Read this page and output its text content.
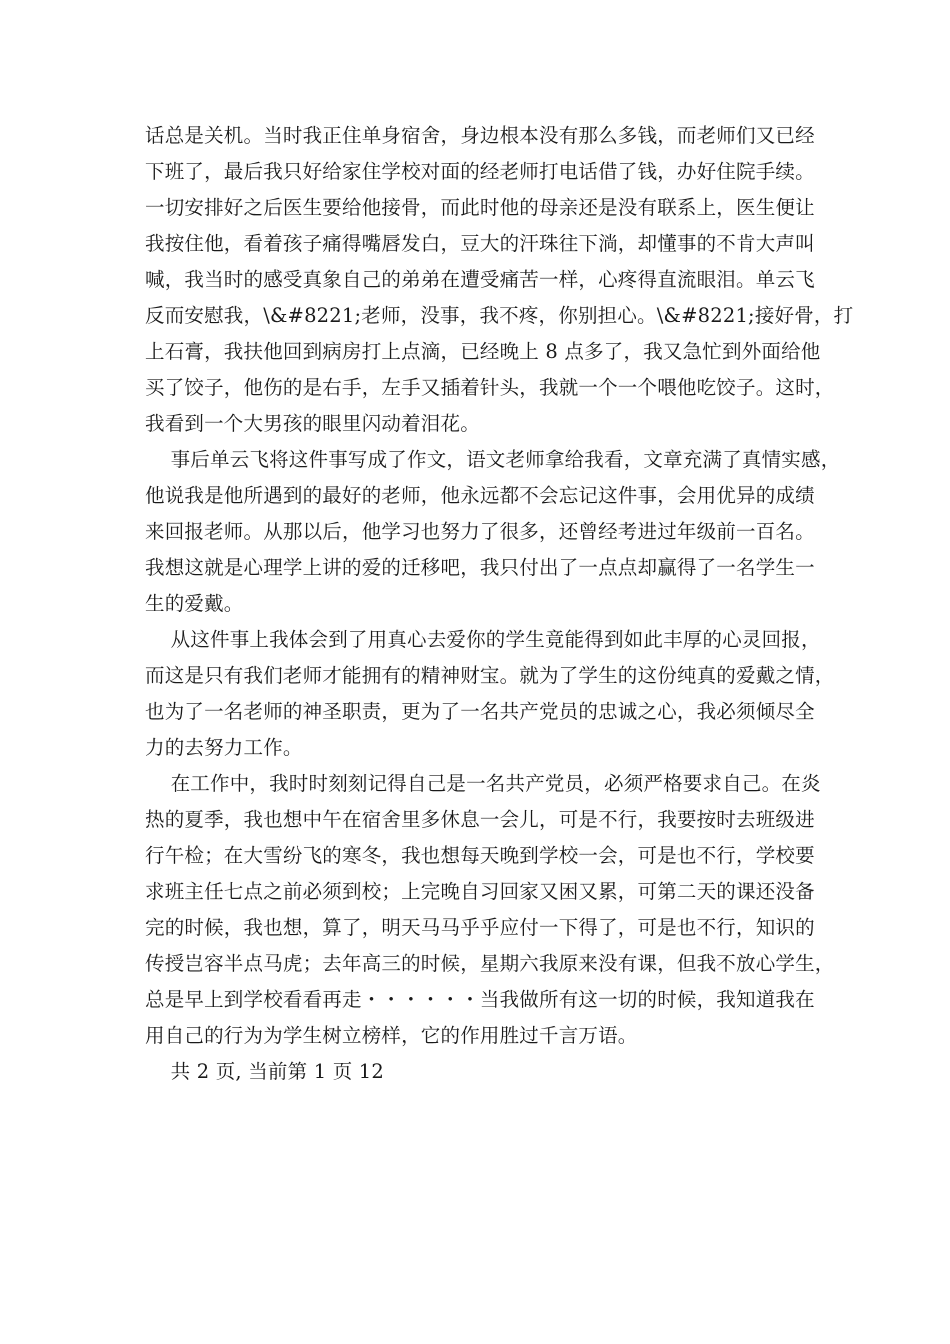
话总是关机。当时我正住单身宿舍，身边根本没有那么多钱，而老师们又已经
下班了，最后我只好给家住学校对面的经老师打电话借了钱，办好住院手续。
一切安排好之后医生要给他接骨，而此时他的母亲还是没有联系上，医生便让
我按住他，看着孩子痛得嘴唇发白，豆大的汗珠往下淌，却懂事的不肯大声叫
喊，我当时的感受真象自己的弟弟在遭受痛苦一样，心疼得直流眼泪。单云飞
反而安慰我，\&#8221;老师，没事，我不疼，你别担心。\&#8221;接好骨，打
上石膏，我扶他回到病房打上点滴，已经晚上 8 点多了，我又急忙到外面给他
买了饺子，他伤的是右手，左手又插着针头，我就一个一个喂他吃饺子。这时，
我看到一个大男孩的眼里闪动着泪花。
事后单云飞将这件事写成了作文，语文老师拿给我看，文章充满了真情实感，
他说我是他所遇到的最好的老师，他永远都不会忘记这件事，会用优异的成绩
来回报老师。从那以后，他学习也努力了很多，还曾经考进过年级前一百名。
我想这就是心理学上讲的爱的迁移吧，我只付出了一点点却赢得了一名学生一
生的爱戴。
从这件事上我体会到了用真心去爱你的学生竟能得到如此丰厚的心灵回报，
而这是只有我们老师才能拥有的精神财宝。就为了学生的这份纯真的爱戴之情，
也为了一名老师的神圣职责，更为了一名共产党员的忠诚之心，我必须倾尽全
力的去努力工作。
在工作中，我时时刻刻记得自己是一名共产党员，必须严格要求自己。在炎
热的夏季，我也想中午在宿舍里多休息一会儿，可是不行，我要按时去班级进
行午检；在大雪纷飞的寒冬，我也想每天晚到学校一会，可是也不行，学校要
求班主任七点之前必须到校；上完晚自习回家又困又累，可第二天的课还没备
完的时候，我也想，算了，明天马马乎乎应付一下得了，可是也不行，知识的
传授岂容半点马虎；去年高三的时候，星期六我原来没有课，但我不放心学生，
总是早上到学校看看再走・・・・・・当我做所有这一切的时候，我知道我在
用自己的行为为学生树立榜样，它的作用胜过千言万语。
共 2 页, 当前第 1 页 12
